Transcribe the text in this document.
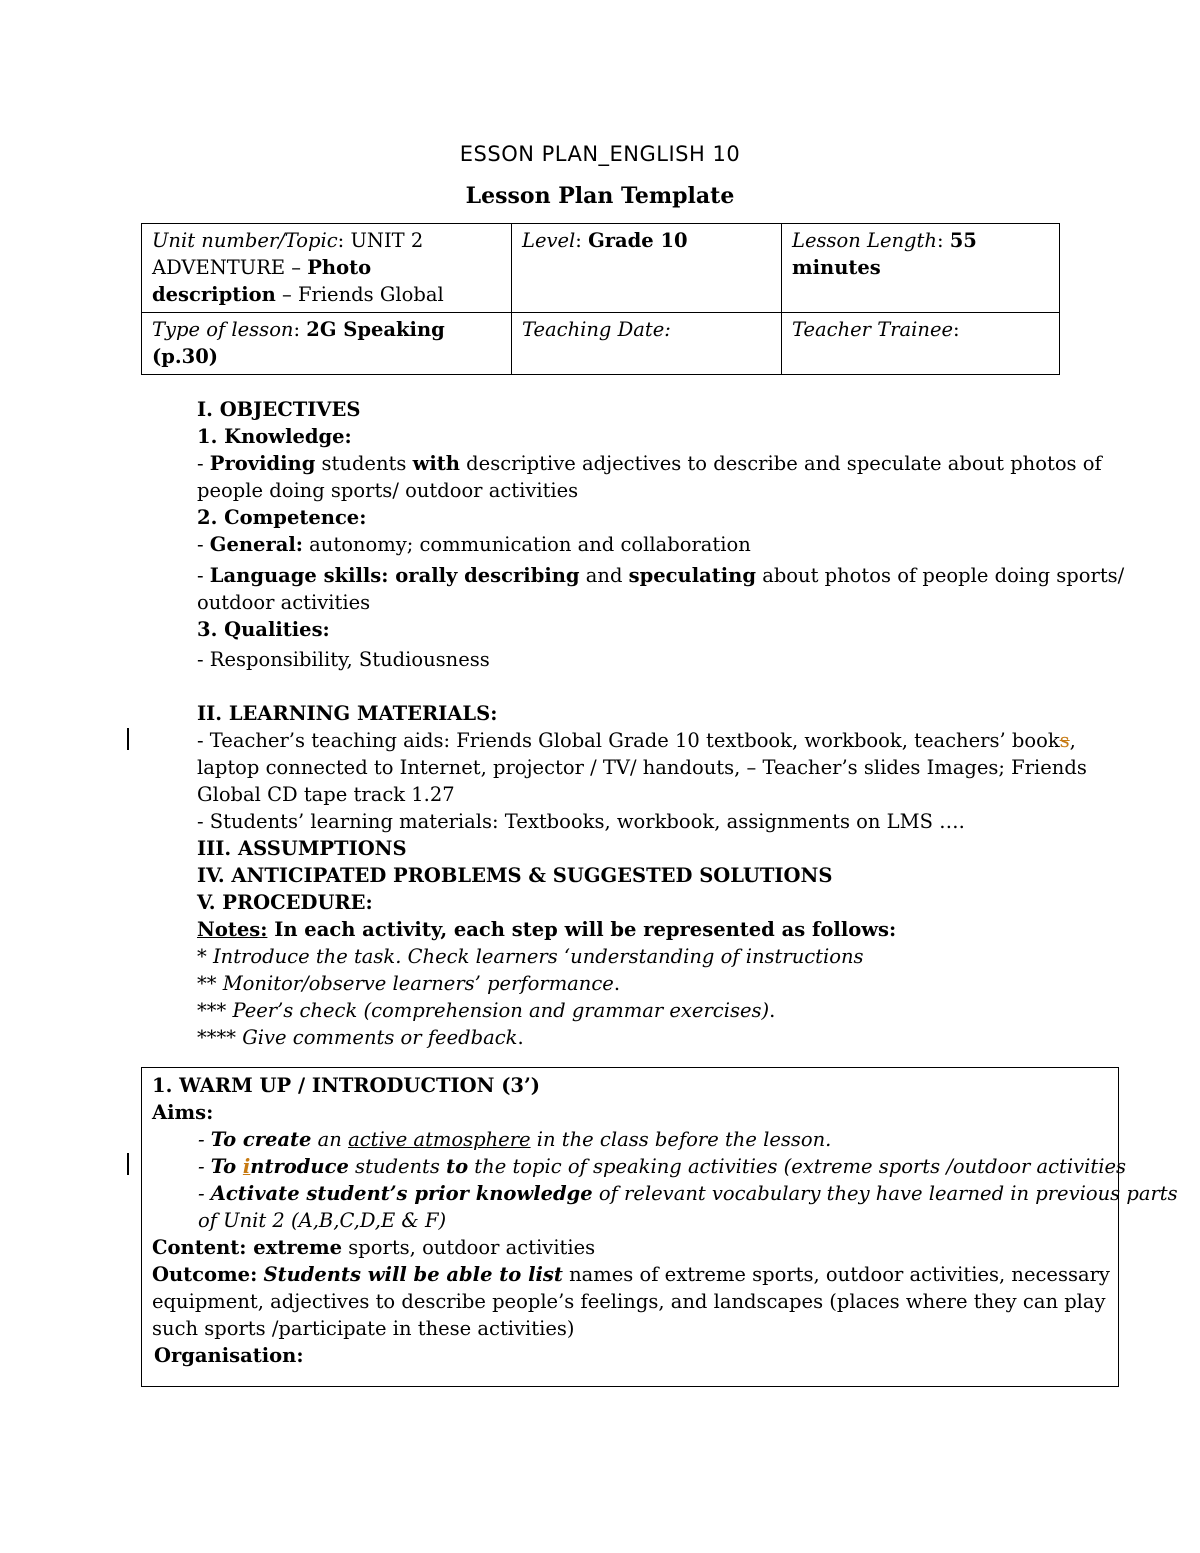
ESSON PLAN_ENGLISH 10
Lesson Plan Template
Unit number/Topic: UNIT 2 ADVENTURE – Photo description – Friends Global	Level: Grade 10	Lesson Length: 55 minutes
Type of lesson: 2G Speaking (p.30)	Teaching Date:	Teacher Trainee:
I. OBJECTIVES
1. Knowledge:
- Providing students with descriptive adjectives to describe and speculate about photos of
people doing sports/ outdoor activities
2. Competence:
- General: autonomy; communication and collaboration
- Language skills: orally describing and speculating about photos of people doing sports/
outdoor activities
3. Qualities:
- Responsibility, Studiousness
II. LEARNING MATERIALS:
- Teacher’s teaching aids: Friends Global Grade 10 textbook, workbook, teachers’ books,
laptop connected to Internet, projector / TV/ handouts, – Teacher’s slides Images; Friends
Global CD tape track 1.27
- Students’ learning materials: Textbooks, workbook, assignments on LMS ….
III. ASSUMPTIONS
IV. ANTICIPATED PROBLEMS & SUGGESTED SOLUTIONS
V. PROCEDURE:
Notes: In each activity, each step will be represented as follows:
* Introduce the task. Check learners ‘understanding of instructions
** Monitor/observe learners’ performance.
*** Peer’s check (comprehension and grammar exercises).
**** Give comments or feedback.
1. WARM UP / INTRODUCTION (3’)
Aims:
- To create an active atmosphere in the class before the lesson.
- To introduce students to the topic of speaking activities (extreme sports /outdoor activities
- Activate student’s prior knowledge of relevant vocabulary they have learned in previous parts
of Unit 2 (A,B,C,D,E & F)
Content: extreme sports, outdoor activities
Outcome: Students will be able to list names of extreme sports, outdoor activities, necessary
equipment, adjectives to describe people’s feelings, and landscapes (places where they can play
such sports /participate in these activities)
Organisation:
